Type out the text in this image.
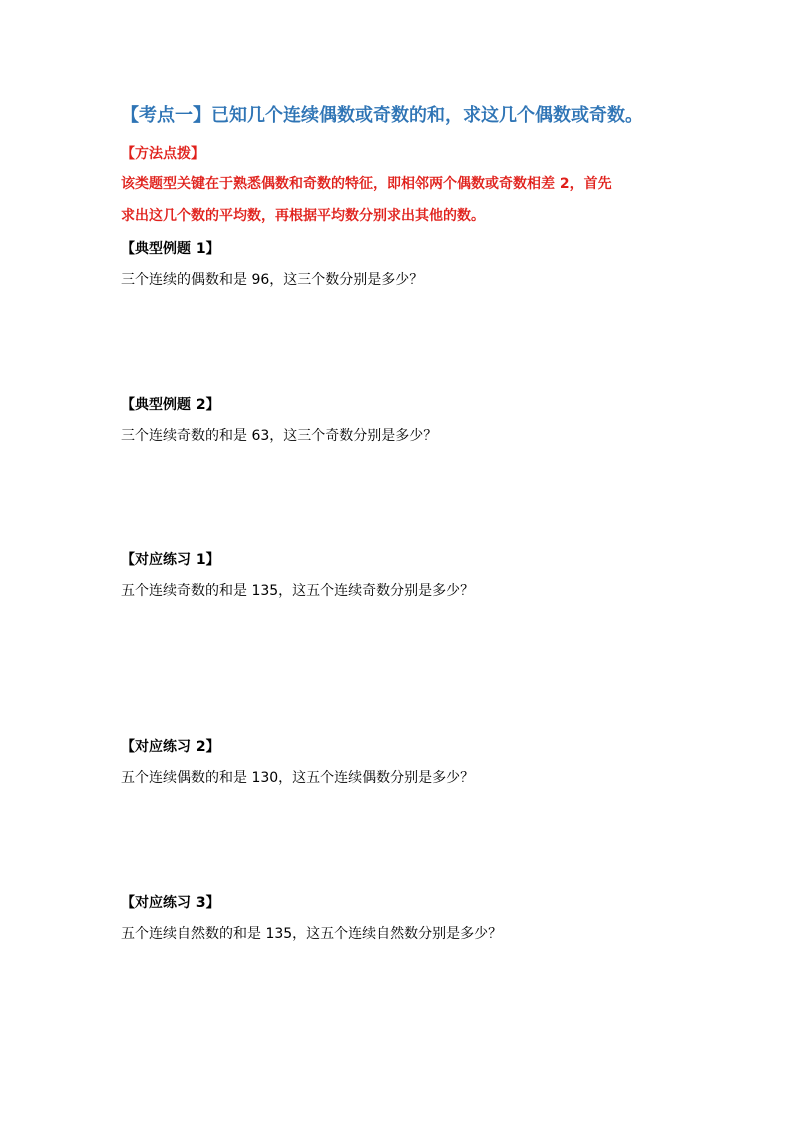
【考点一】已知几个连续偶数或奇数的和，求这几个偶数或奇数。
【方法点拨】
该类题型关键在于熟悉偶数和奇数的特征，即相邻两个偶数或奇数相差 2，首先
求出这几个数的平均数，再根据平均数分别求出其他的数。
【典型例题 1】
三个连续的偶数和是 96，这三个数分别是多少？
【典型例题 2】
三个连续奇数的和是 63，这三个奇数分别是多少？
【对应练习 1】
五个连续奇数的和是 135，这五个连续奇数分别是多少？
【对应练习 2】
五个连续偶数的和是 130，这五个连续偶数分别是多少？
【对应练习 3】
五个连续自然数的和是 135，这五个连续自然数分别是多少？
